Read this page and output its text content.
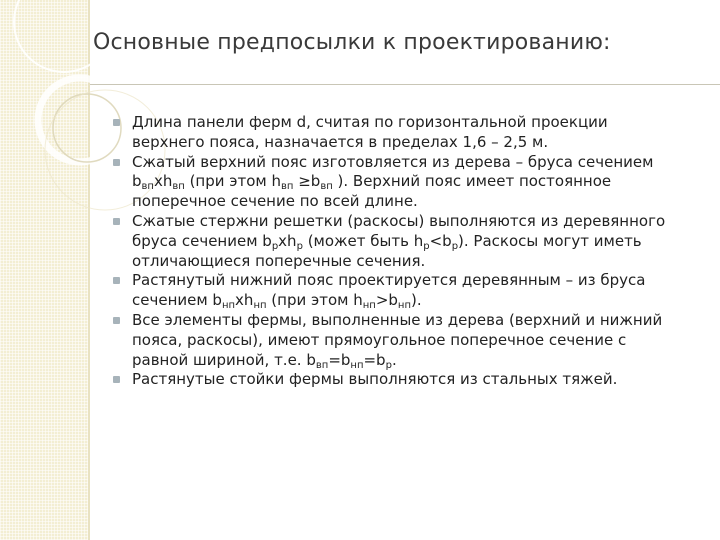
Основные предпосылки к проектированию:
Длина панели ферм d, считая по горизонтальной проекции верхнего пояса, назначается в пределах 1,6 – 2,5 м.
Сжатый верхний пояс изготовляется из дерева – бруса сечением $b_{вп}xh_{вп}$ (при этом $h_{вп} \ge b_{вп}$ ). Верхний пояс имеет постоянное поперечное сечение по всей длине.
Сжатые стержни решетки (раскосы) выполняются из деревянного бруса сечением $b_рxh_р$ (может быть $h_р<b_р$). Раскосы могут иметь отличающиеся поперечные сечения.
Растянутый нижний пояс проектируется деревянным – из бруса сечением $b_{нп}xh_{нп}$ (при этом $h_{нп}>b_{нп}$).
Все элементы фермы, выполненные из дерева (верхний и нижний пояса, раскосы), имеют прямоугольное поперечное сечение с равной шириной, т.е. $b_{вп}=b_{нп}=b_р$.
Растянутые стойки фермы выполняются из стальных тяжей.
